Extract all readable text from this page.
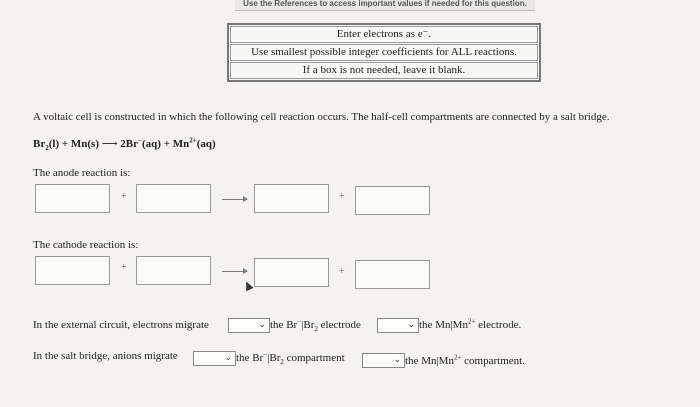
Use the References to access important values if needed for this question.
Enter electrons as e⁻.
Use smallest possible integer coefficients for ALL reactions.
If a box is not needed, leave it blank.
A voltaic cell is constructed in which the following cell reaction occurs. The half-cell compartments are connected by a salt bridge.
$Br_2(l) + Mn(s)$ ⟶ $2Br^-(aq) + Mn^{2+}(aq)$
The anode reaction is:
+	+
The cathode reaction is:
+	+
In the external circuit, electrons migrate	⌄ the $Br^-|Br_2$ electrode	⌄ the $Mn|Mn^{2+}$ electrode.
In the salt bridge, anions migrate	⌄ the $Br^-|Br_2$ compartment	⌄ the $Mn|Mn^{2+}$ compartment.
